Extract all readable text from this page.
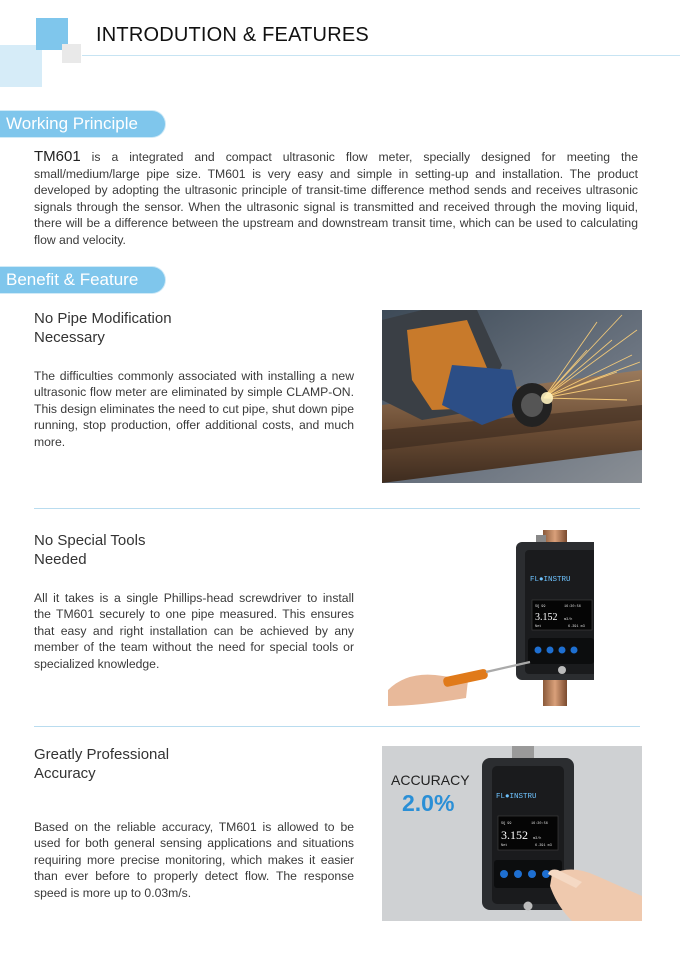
INTRODUTION & FEATURES
Working Principle
TM601 is a integrated and compact ultrasonic flow meter, specially designed for meeting the small/medium/large pipe size. TM601 is very easy and simple in setting-up and installation. The product developed by adopting the ultrasonic principle of transit-time difference method sends and receives ultrasonic signals through the sensor. When the ultrasonic signal is transmitted and received through the moving liquid, there will be a difference between the upstream and downstream transit time, which can be used to calculating flow and velocity.
Benefit & Feature
No Pipe Modification
Necessary
The difficulties commonly associated with installing a new ultrasonic flow meter are eliminated by simple CLAMP-ON. This design eliminates the need to cut pipe, shut down pipe running, stop production, offer additional costs, and much more.
No Special Tools
Needed
All it takes is a single Phillips-head screwdriver to install the TM601 securely to one pipe measured. This ensures that easy and right installation can be achieved by any member of the team without the need for special tools or specialized knowledge.
FL●INSTRU
SQ 99	16:30:56
3.152 m3/h
Net	6.391 m3
Greatly Professional
Accuracy
Based on the reliable accuracy, TM601 is allowed to be used for both general sensing applications and situations requiring more precise monitoring, which makes it easier than ever before to properly detect flow. The response speed is more up to 0.03m/s.
FL●INSTRU
SQ 99	16:30:56
3.152 m3/h
Net	6.391 m3
ACCURACY
2.0%
